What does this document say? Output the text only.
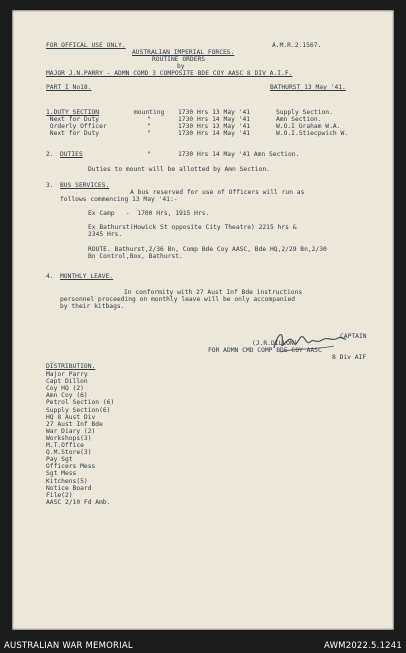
FOR OFFICAL USE ONLY.	A.M.R.2.1567.
AUSTRALIAN IMPERIAL FORCES.
ROUTINE ORDERS
by
MAJOR J.N.PARRY - ADMN COMD 3 COMPOSITE BDE COY AASC 8 DIV A.I.F.
PART I No18.	BATHURST 13 May '41.
1.DUTY SECTION	mounting 1730 Hrs 13 May '41	Supply Section.
Next for Duty	"	1730 Hrs 14 May '41	Amn Section.
Orderly Officer	"	1730 Hrs 13 May '41	W.O.I Graham W.A.
Next for Duty	"	1730 Hrs 14 May '41	W.O.I.Stiecpwich W.
2. DUTIES	"	1730 Hrs 14 May '41 Amn Section.
Duties to mount will be allotted by Amn Section.
3. BUS SERVICES.
A bus reserved for use of Officers will run as
follows commencing 13 May '41:-
Ex Camp   -  1700 Hrs, 1915 Hrs.
Ex Bathurst(Howick St opposite City Theatre) 2215 hrs &
2345 Hrs.
ROUTE. Bathurst,2/36 Bn, Comp Bde Coy AASC, Bde HQ,2/29 Bn,2/30
Bn Control,Box, Bathurst.
4. MONTHLY LEAVE.
In conformity with 27 Aust Inf Bde instructions
personnel proceeding on monthly leave will be only accompanied
by their kitbags.
CAPTAIN
(J.R.DILLON)
FOR ADMN CMD COMP BDE COY AASC
8 Div AIF
DISTRIBUTION.
Major Parry
Capt Dillon
Coy HQ (2)
Amn Coy (6)
Petrol Section (6)
Supply Section(6)
HQ 8 Aust Div
27 Aust Inf Bde
War Diary (2)
Workshops(3)
M.T.Office
Q.M.Store(3)
Pay Sgt
Officers Mess
Sgt Mess
Kitchens(5)
Notice Board
File(2)
AASC 2/10 Fd Amb.
AUSTRALIAN WAR MEMORIAL	AWM2022.5.1241
